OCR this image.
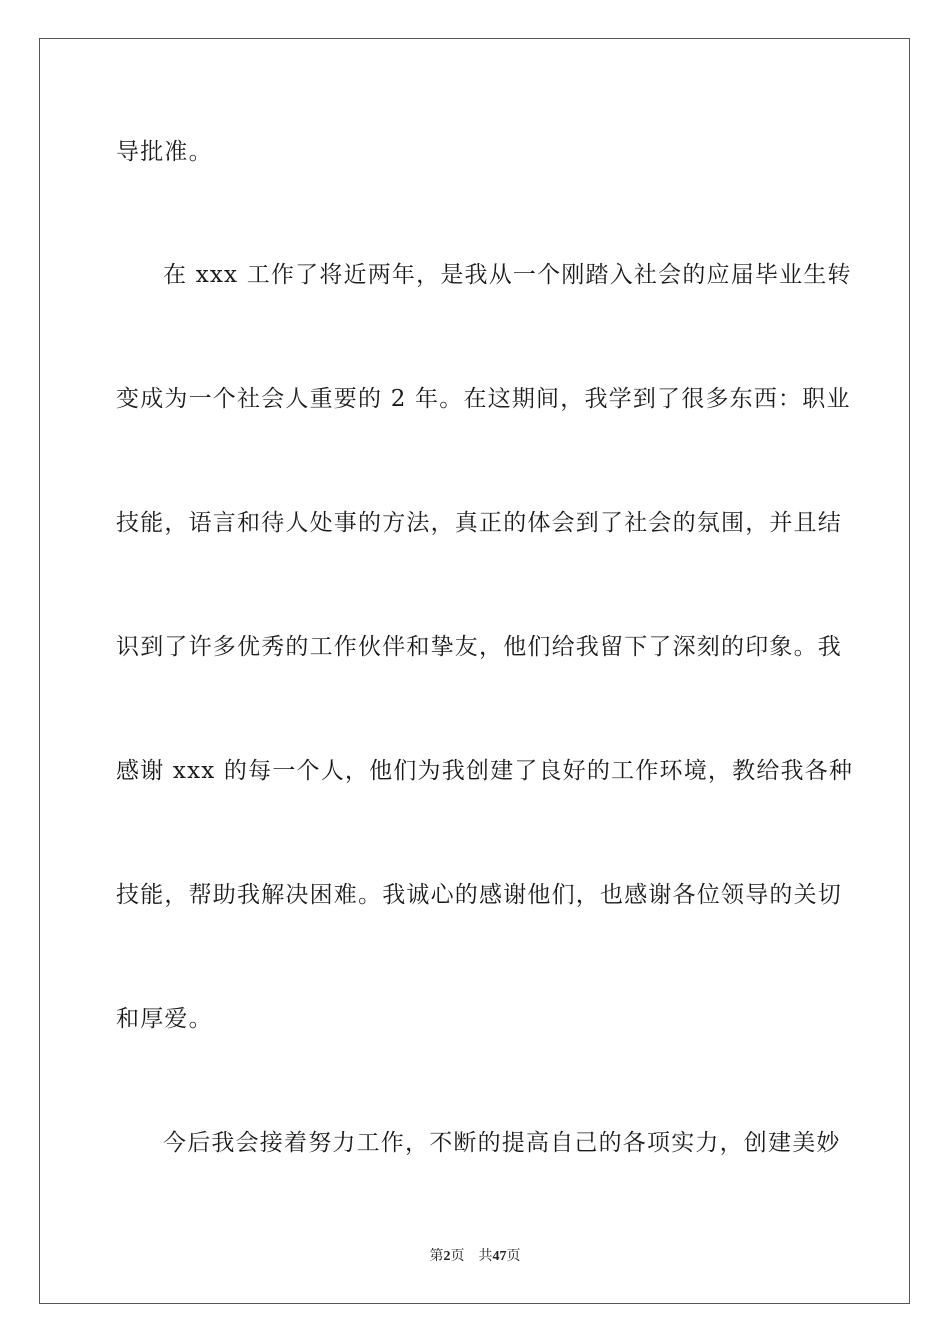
导批准。
在 xxx 工作了将近两年，是我从一个刚踏入社会的应届毕业生转
变成为一个社会人重要的 2 年。在这期间，我学到了很多东西：职业
技能，语言和待人处事的方法，真正的体会到了社会的氛围，并且结
识到了许多优秀的工作伙伴和挚友，他们给我留下了深刻的印象。我
感谢 xxx 的每一个人，他们为我创建了良好的工作环境，教给我各种
技能，帮助我解决困难。我诚心的感谢他们，也感谢各位领导的关切
和厚爱。
今后我会接着努力工作，不断的提高自己的各项实力，创建美妙
第2页 共47页
